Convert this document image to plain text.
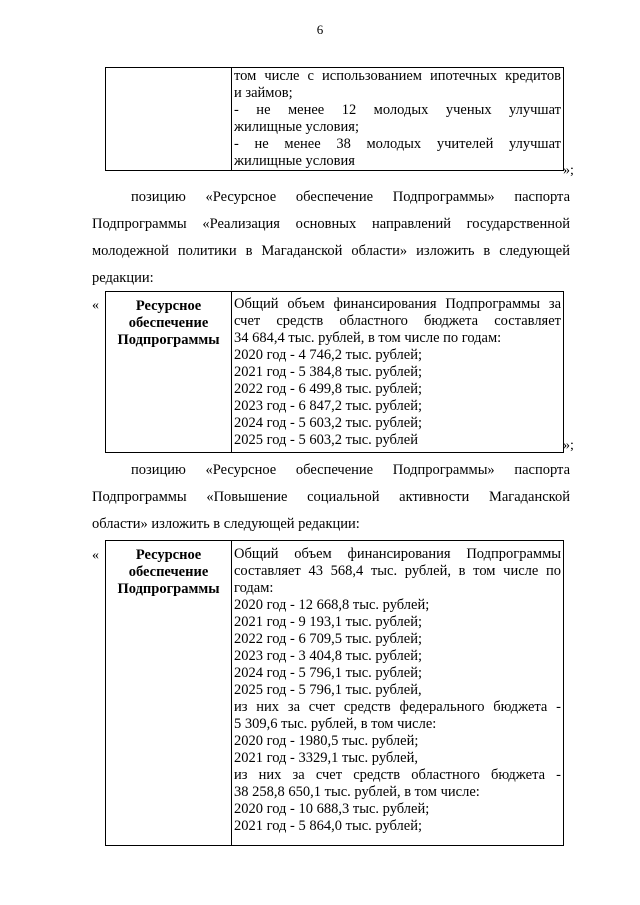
6

том числе с использованием ипотечных кредитов
и займов;
- не менее 12 молодых ученых улучшат
жилищные условия;
- не менее 38 молодых учителей улучшат
жилищные условия
»;
позицию «Ресурсное обеспечение Подпрограммы» паспорта
Подпрограммы «Реализация основных направлений государственной
молодежной политики в Магаданской области» изложить в следующей
редакции:
«	Ресурсное
обеспечение
Подпрограммы

Общий объем финансирования Подпрограммы за
счет средств областного бюджета составляет
34 684,4 тыс. рублей, в том числе по годам:
2020 год - 4 746,2 тыс. рублей;
2021 год - 5 384,8 тыс. рублей;
2022 год - 6 499,8 тыс. рублей;
2023 год - 6 847,2 тыс. рублей;
2024 год - 5 603,2 тыс. рублей;
2025 год - 5 603,2 тыс. рублей	»;
позицию «Ресурсное обеспечение Подпрограммы» паспорта
Подпрограммы «Повышение социальной активности Магаданской
области» изложить в следующей редакции:
«	Ресурсное
обеспечение
Подпрограммы

Общий объем финансирования Подпрограммы
составляет 43 568,4 тыс. рублей, в том числе по
годам:
2020 год - 12 668,8 тыс. рублей;
2021 год - 9 193,1 тыс. рублей;
2022 год - 6 709,5 тыс. рублей;
2023 год - 3 404,8 тыс. рублей;
2024 год - 5 796,1 тыс. рублей;
2025 год - 5 796,1 тыс. рублей,
из них за счет средств федерального бюджета -
5 309,6 тыс. рублей, в том числе:
2020 год - 1980,5 тыс. рублей;
2021 год - 3329,1 тыс. рублей,
из них за счет средств областного бюджета -
38 258,8 650,1 тыс. рублей, в том числе:
2020 год - 10 688,3 тыс. рублей;
2021 год - 5 864,0 тыс. рублей;
